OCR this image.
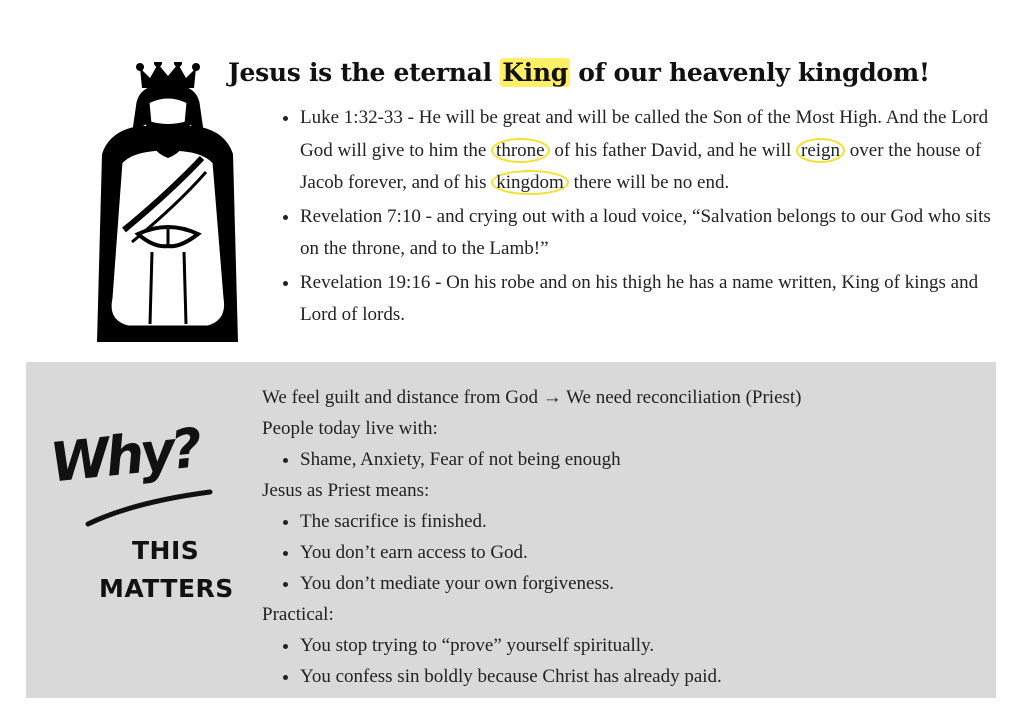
Jesus is the eternal King of our heavenly kingdom!
• Luke 1:32-33 - He will be great and will be called the Son of the Most High. And the Lord God will give to him the throne of his father David, and he will reign over the house of Jacob forever, and of his kingdom there will be no end.
• Revelation 7:10 - and crying out with a loud voice, “Salvation belongs to our God who sits on the throne, and to the Lamb!”
• Revelation 19:16 - On his robe and on his thigh he has a name written, King of kings and Lord of lords.
Why?
THIS
MATTERS
We feel guilt and distance from God → We need reconciliation (Priest)
People today live with:
• Shame, Anxiety, Fear of not being enough
Jesus as Priest means:
• The sacrifice is finished.
• You don’t earn access to God.
• You don’t mediate your own forgiveness.
Practical:
• You stop trying to “prove” yourself spiritually.
• You confess sin boldly because Christ has already paid.
